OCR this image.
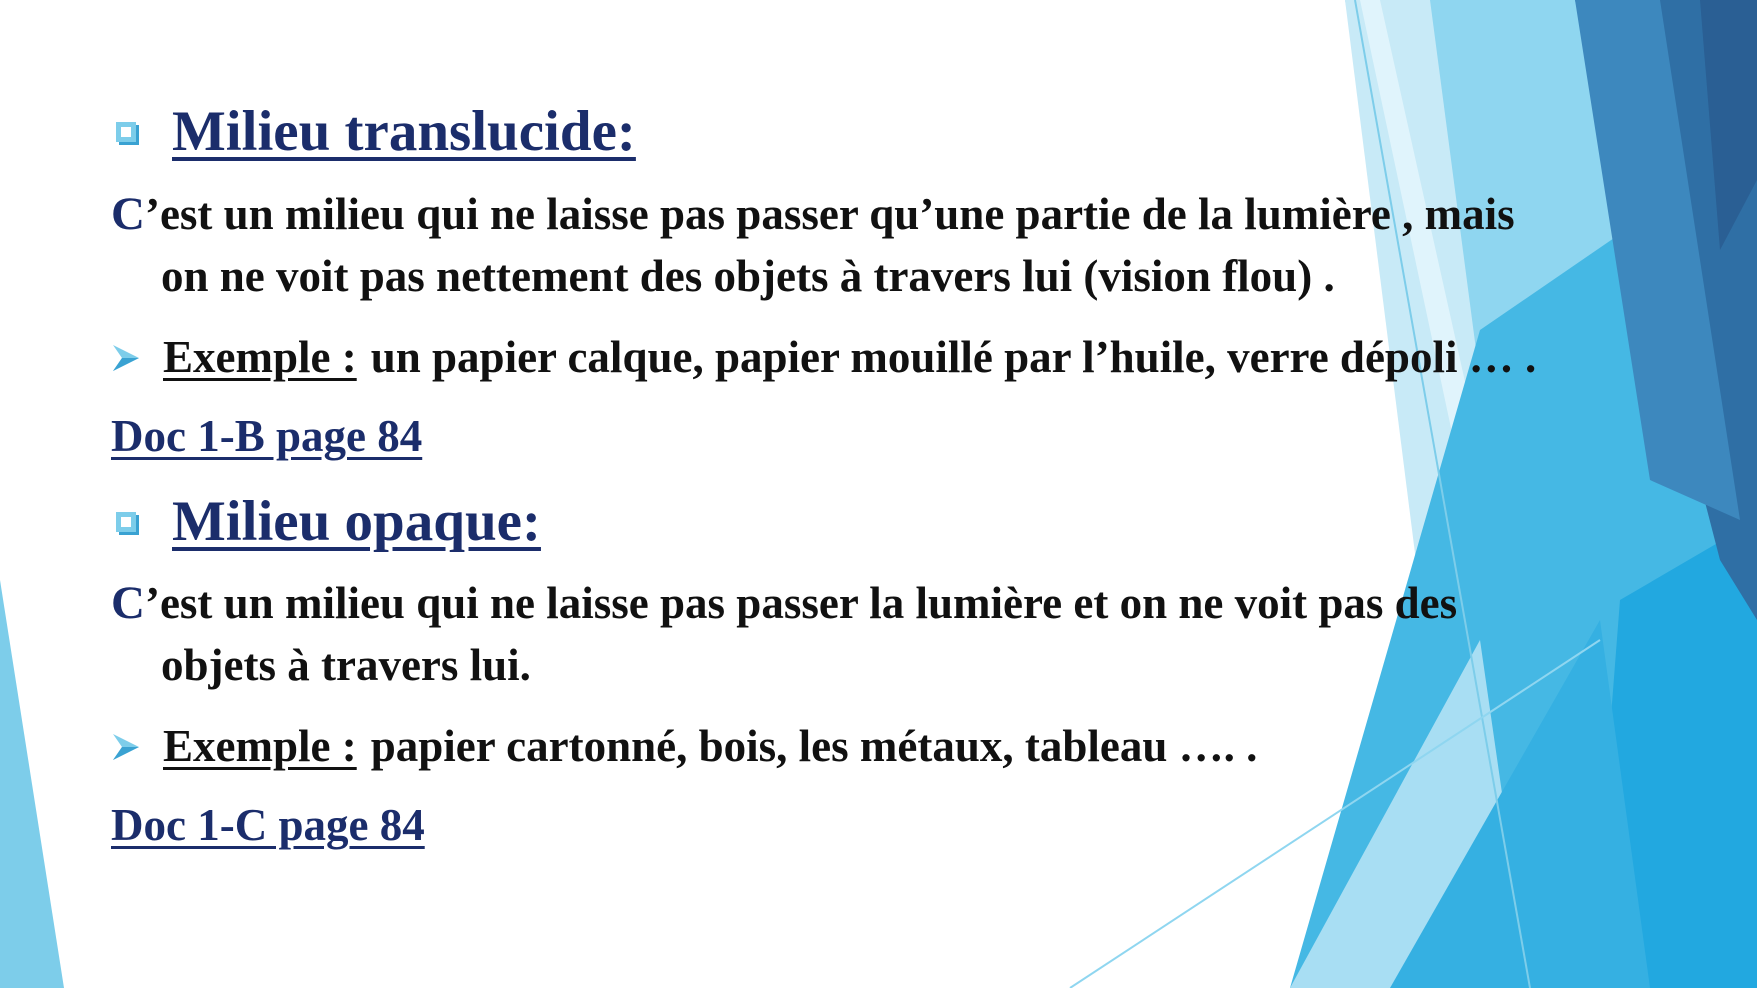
Milieu translucide:
C’est un milieu qui ne laisse pas passer qu’une partie de la lumière , mais
on ne voit pas nettement des objets à travers lui (vision flou) .
Exemple : un papier calque, papier mouillé par l’huile, verre dépoli … .
Doc 1-B page 84
Milieu opaque:
C’est un milieu qui ne laisse pas passer la lumière et on ne voit pas des
objets à travers lui.
Exemple : papier cartonné, bois, les métaux, tableau …. .
Doc 1-C page 84
